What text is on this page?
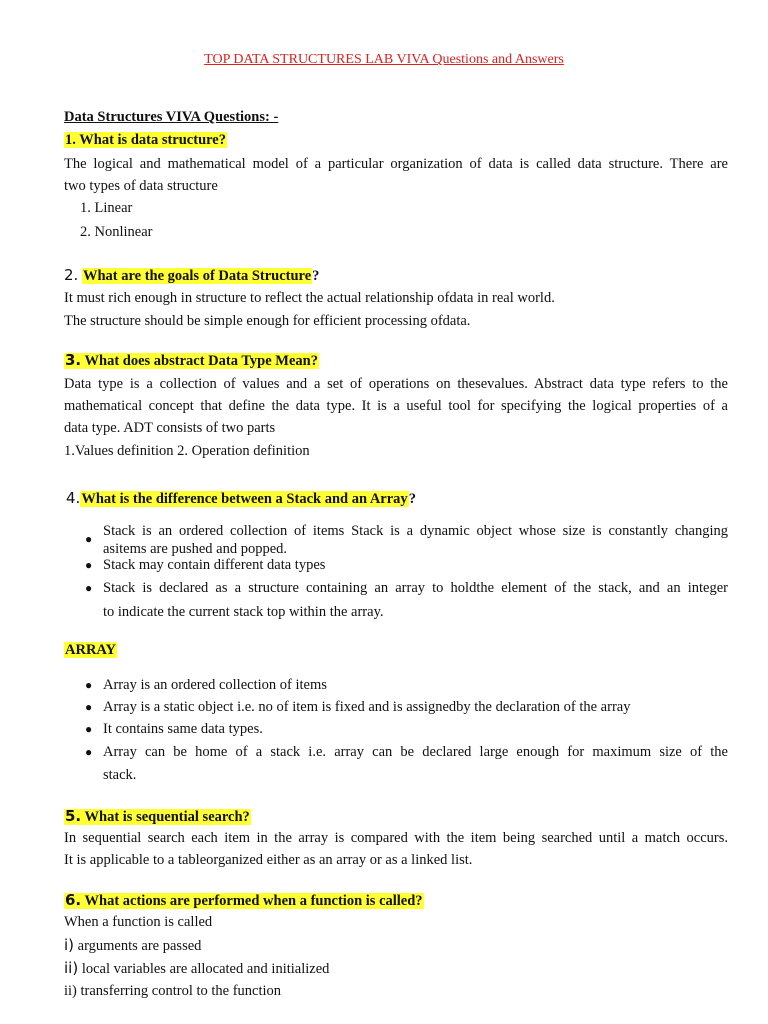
TOP DATA STRUCTURES LAB VIVA Questions and Answers
Data Structures VIVA Questions: -
1. What is data structure?
The logical and mathematical model of a particular organization of data is called data structure. There are
two types of data structure
1. Linear
2. Nonlinear
2. What are the goals of Data Structure?
It must rich enough in structure to reflect the actual relationship ofdata in real world.
The structure should be simple enough for efficient processing ofdata.
3. What does abstract Data Type Mean?
Data type is a collection of values and a set of operations on thesevalues. Abstract data type refers to the
mathematical concept that define the data type. It is a useful tool for specifying the logical properties of a
data type. ADT consists of two parts
1.Values definition 2. Operation definition
4.What is the difference between a Stack and an Array?
● Stack is an ordered collection of items Stack is a dynamic object whose size is constantly changing
asitems are pushed and popped.
● Stack may contain different data types
● Stack is declared as a structure containing an array to holdthe element of the stack, and an integer
to indicate the current stack top within the array.
ARRAY
● Array is an ordered collection of items
● Array is a static object i.e. no of item is fixed and is assignedby the declaration of the array
● It contains same data types.
● Array can be home of a stack i.e. array can be declared large enough for maximum size of the
stack.
5. What is sequential search?
In sequential search each item in the array is compared with the item being searched until a match occurs.
It is applicable to a tableorganized either as an array or as a linked list.
6. What actions are performed when a function is called?
When a function is called
i) arguments are passed
ii) local variables are allocated and initialized
ii) transferring control to the function
